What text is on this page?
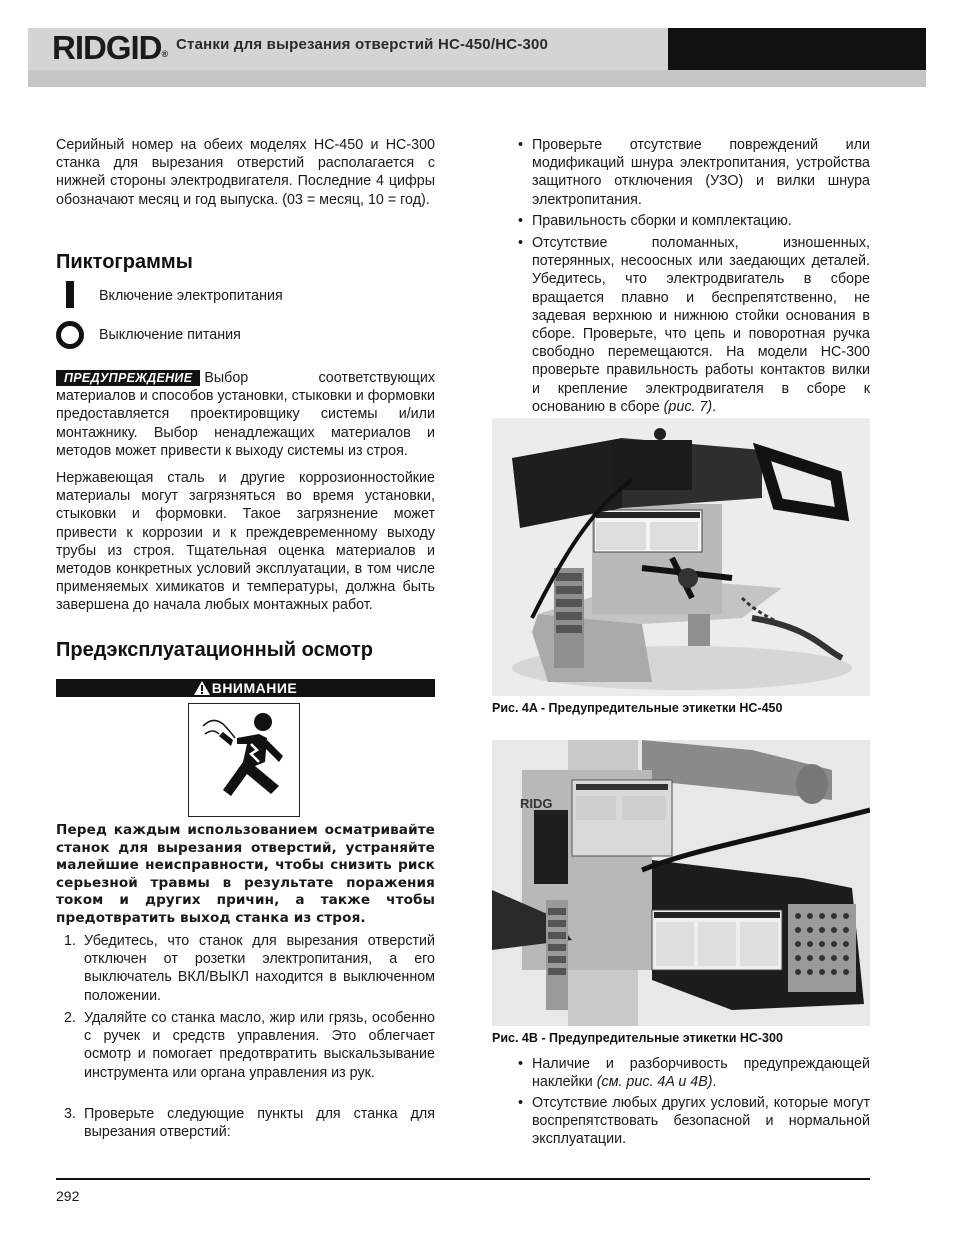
RIDGID®
Станки для вырезания отверстий HC-450/HC-300

Серийный номер на обеих моделях HC-450 и HC-300 станка для вырезания отверстий располагается с нижней стороны электродвигателя. Последние 4 цифры обозначают месяц и год выпуска. (03 = месяц, 10 = год).

Пиктограммы

Включение электропитания

Выключение питания

ПРЕДУПРЕЖДЕНИЕ Выбор соответствующих материалов и способов установки, стыковки и формовки предоставляется проектировщику системы и/или монтажнику. Выбор ненадлежащих материалов и методов может привести к выходу системы из строя.

Нержавеющая сталь и другие коррозионностойкие материалы могут загрязняться во время установки, стыковки и формовки. Такое загрязнение может привести к коррозии и к преждевременному выходу трубы из строя. Тщательная оценка материалов и методов конкретных условий эксплуатации, в том числе применяемых химикатов и температуры, должна быть завершена до начала любых монтажных работ.

Предэксплуатационный осмотр
ВНИМАНИЕ

Перед каждым использованием осматривайте станок для вырезания отверстий, устраняйте малейшие неисправности, чтобы снизить риск серьезной травмы в результате поражения током и других причин, а также чтобы предотвратить выход станка из строя.

1. Убедитесь, что станок для вырезания отверстий отключен от розетки электропитания, а его выключатель ВКЛ/ВЫКЛ находится в выключенном положении.
2. Удаляйте со станка масло, жир или грязь, особенно с ручек и средств управления. Это облегчает осмотр и помогает предотвратить выскальзывание инструмента или органа управления из рук.
3. Проверьте следующие пункты для станка для вырезания отверстий:
• Проверьте отсутствие повреждений или модификаций шнура электропитания, устройства защитного отключения (УЗО) и вилки шнура электропитания.
• Правильность сборки и комплектацию.
• Отсутствие поломанных, изношенных, потерянных, несоосных или заедающих деталей. Убедитесь, что электродвигатель в сборе вращается плавно и беспрепятственно, не задевая верхнюю и нижнюю стойки основания в сборе. Проверьте, что цепь и поворотная ручка свободно перемещаются. На модели HC-300 проверьте правильность работы контактов вилки и крепление электродвигателя в сборе к основанию в сборе (рис. 7).
Рис. 4A - Предупредительные этикетки HC-450
RIDG
Рис. 4B - Предупредительные этикетки HC-300
• Наличие и разборчивость предупреждающей наклейки (см. рис. 4A и 4B).
• Отсутствие любых других условий, которые могут воспрепятствовать безопасной и нормальной эксплуатации.
292
